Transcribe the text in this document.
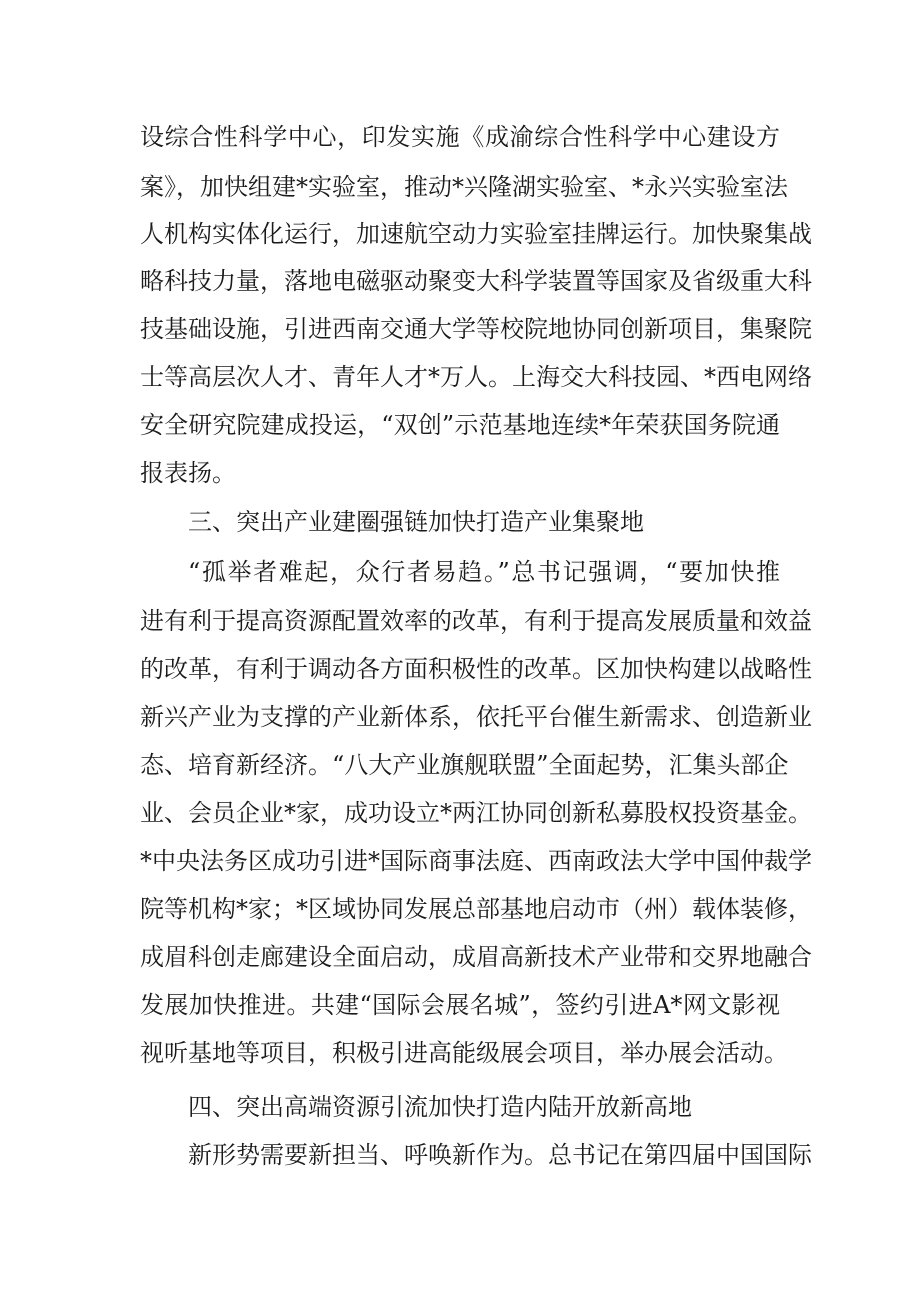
设综合性科学中心，印发实施《成渝综合性科学中心建设方
案》，加快组建*实验室，推动*兴隆湖实验室、*永兴实验室法
人机构实体化运行，加速航空动力实验室挂牌运行。加快聚集战
略科技力量，落地电磁驱动聚变大科学装置等国家及省级重大科
技基础设施，引进西南交通大学等校院地协同创新项目，集聚院
士等高层次人才、青年人才*万人。上海交大科技园、*西电网络
安全研究院建成投运，“双创”示范基地连续*年荣获国务院通
报表扬。
三、突出产业建圈强链加快打造产业集聚地
“孤举者难起，众行者易趋。”总书记强调，“要加快推
进有利于提高资源配置效率的改革，有利于提高发展质量和效益
的改革，有利于调动各方面积极性的改革。区加快构建以战略性
新兴产业为支撑的产业新体系，依托平台催生新需求、创造新业
态、培育新经济。“八大产业旗舰联盟”全面起势，汇集头部企
业、会员企业*家，成功设立*两江协同创新私募股权投资基金。
*中央法务区成功引进*国际商事法庭、西南政法大学中国仲裁学
院等机构*家；*区域协同发展总部基地启动市（州）载体装修，
成眉科创走廊建设全面启动，成眉高新技术产业带和交界地融合
发展加快推进。共建“国际会展名城”，签约引进A*网文影视
视听基地等项目，积极引进高能级展会项目，举办展会活动。
四、突出高端资源引流加快打造内陆开放新高地
新形势需要新担当、呼唤新作为。总书记在第四届中国国际
